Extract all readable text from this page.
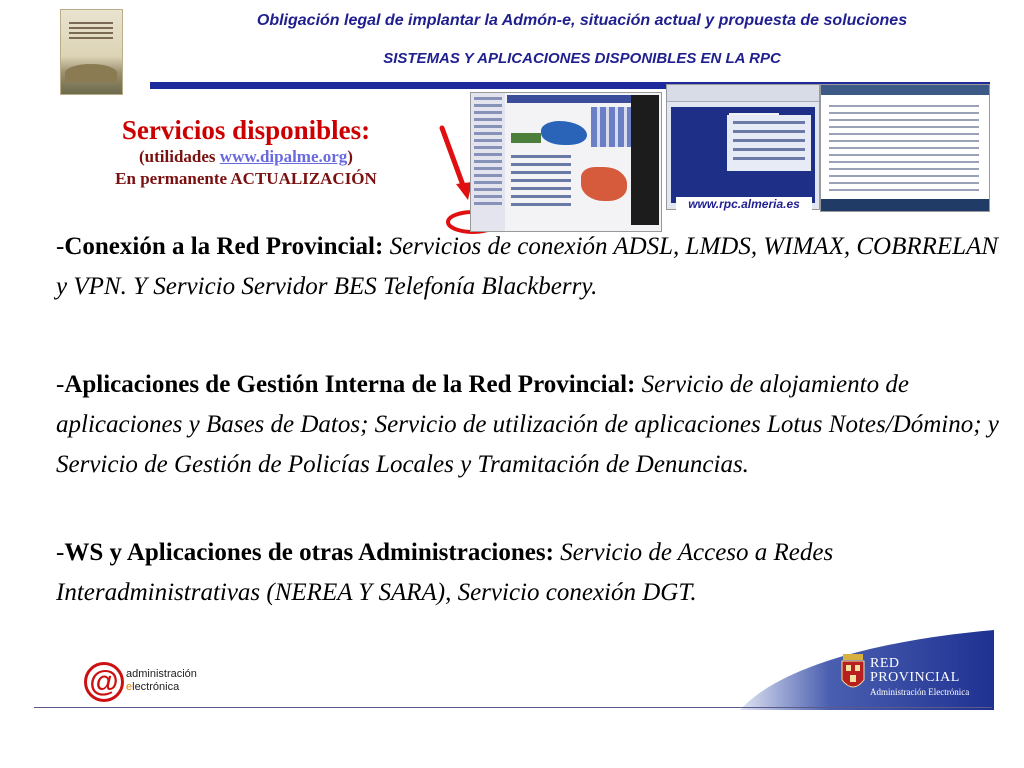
Obligación legal de implantar la Admón-e, situación actual y propuesta de soluciones
SISTEMAS Y APLICACIONES DISPONIBLES EN LA RPC
Servicios disponibles:
(utilidades www.dipalme.org)
En permanente ACTUALIZACIÓN
www.rpc.almeria.es
-Conexión a la Red Provincial: Servicios de conexión ADSL, LMDS, WIMAX, COBRRELAN y VPN. Y Servicio Servidor BES Telefonía Blackberry.
-Aplicaciones de Gestión Interna de la Red Provincial: Servicio de alojamiento de aplicaciones y Bases de Datos; Servicio de utilización de aplicaciones Lotus Notes/Dómino; y Servicio de Gestión de Policías Locales y Tramitación de Denuncias.
-WS y Aplicaciones de otras Administraciones: Servicio de Acceso a Redes Interadministrativas (NEREA Y SARA), Servicio conexión DGT.
@ administración
electrónica
RED
PROVINCIAL
Administración Electrónica
